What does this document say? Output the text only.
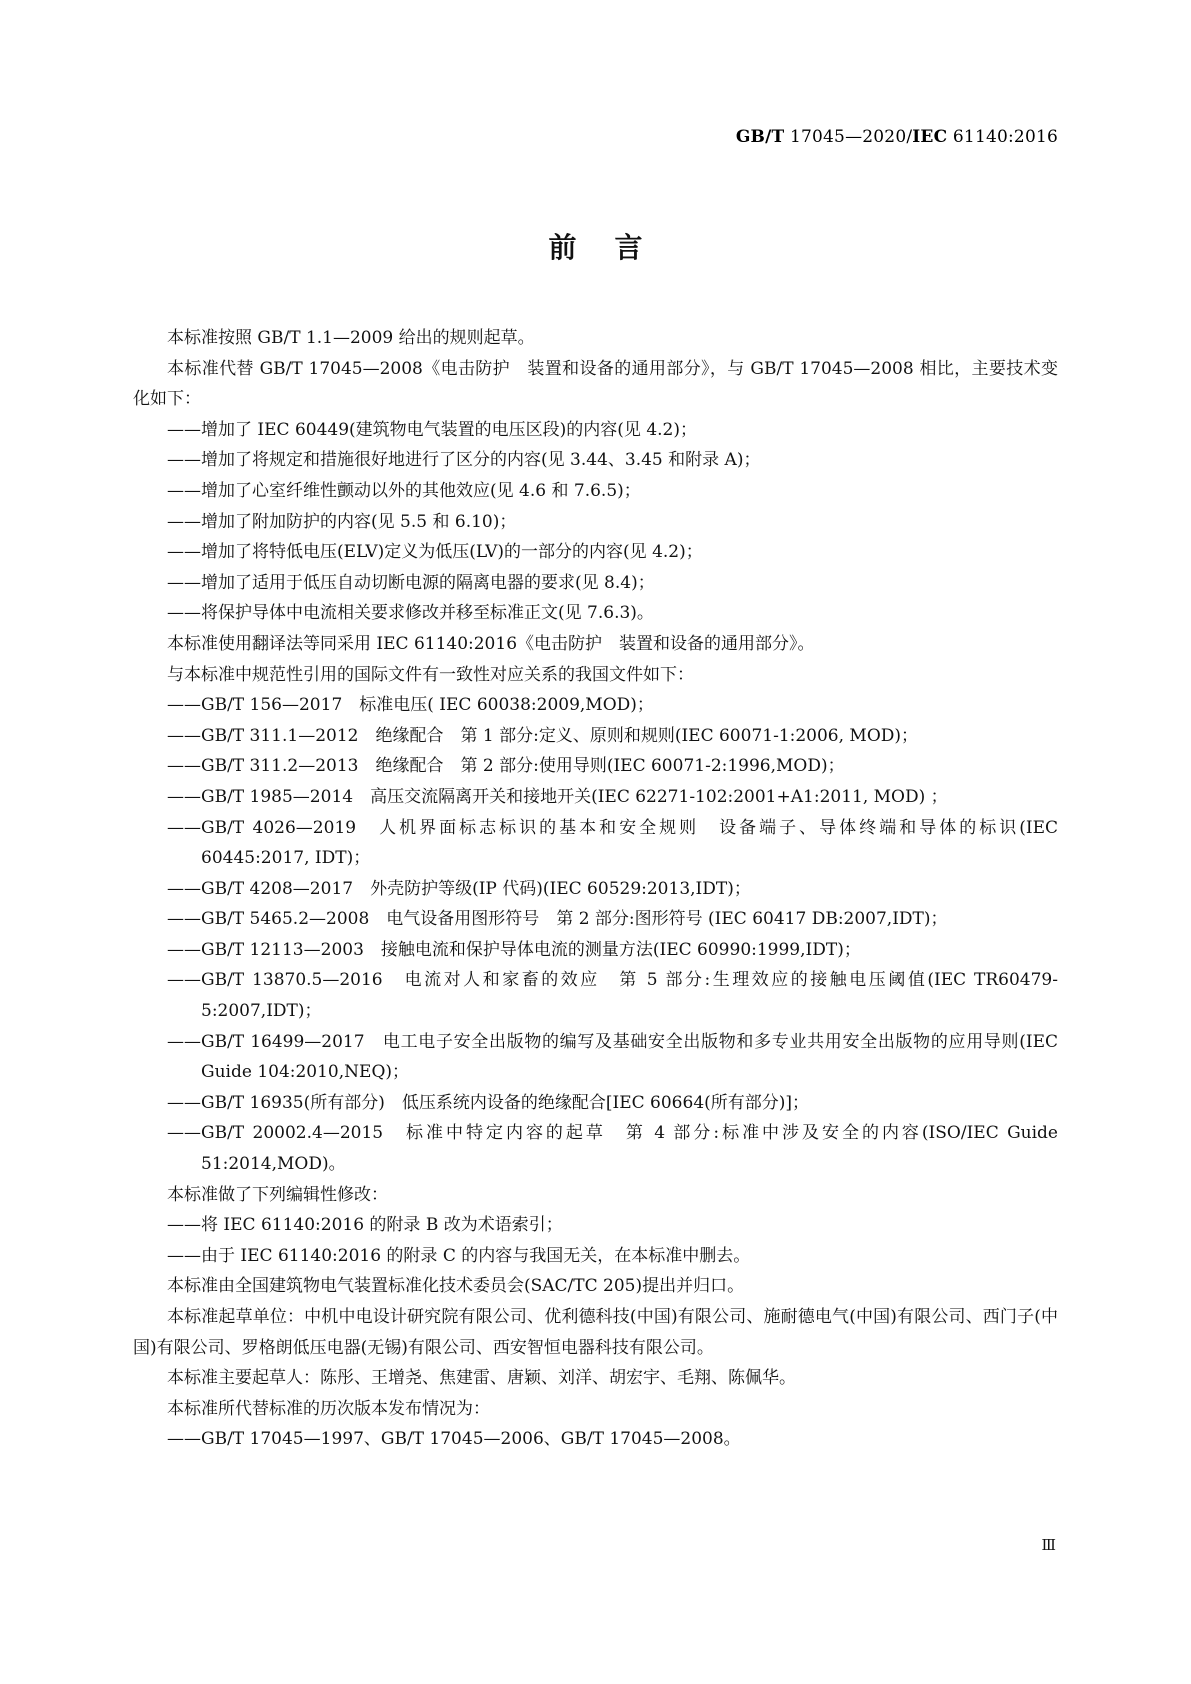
GB/T 17045—2020/IEC 61140:2016
前言

本标准按照 GB/T 1.1—2009 给出的规则起草。

本标准代替 GB/T 17045—2008《电击防护　装置和设备的通用部分》，与 GB/T 17045—2008 相比，主要技术变化如下：

——增加了 IEC 60449(建筑物电气装置的电压区段)的内容(见 4.2)；

——增加了将规定和措施很好地进行了区分的内容(见 3.44、3.45 和附录 A)；

——增加了心室纤维性颤动以外的其他效应(见 4.6 和 7.6.5)；

——增加了附加防护的内容(见 5.5 和 6.10)；

——增加了将特低电压(ELV)定义为低压(LV)的一部分的内容(见 4.2)；

——增加了适用于低压自动切断电源的隔离电器的要求(见 8.4)；

——将保护导体中电流相关要求修改并移至标准正文(见 7.6.3)。

本标准使用翻译法等同采用 IEC 61140:2016《电击防护　装置和设备的通用部分》。

与本标准中规范性引用的国际文件有一致性对应关系的我国文件如下：

——GB/T 156—2017　标准电压( IEC 60038:2009,MOD)；

——GB/T 311.1—2012　绝缘配合　第 1 部分:定义、原则和规则(IEC 60071-1:2006, MOD)；

——GB/T 311.2—2013　绝缘配合　第 2 部分:使用导则(IEC 60071-2:1996,MOD)；

——GB/T 1985—2014　高压交流隔离开关和接地开关(IEC 62271-102:2001+A1:2011, MOD) ；

——GB/T 4026—2019　人机界面标志标识的基本和安全规则　设备端子、导体终端和导体的标识(IEC 60445:2017, IDT)；

——GB/T 4208—2017　外壳防护等级(IP 代码)(IEC 60529:2013,IDT)；

——GB/T 5465.2—2008　电气设备用图形符号　第 2 部分:图形符号 (IEC 60417 DB:2007,IDT)；

——GB/T 12113—2003　接触电流和保护导体电流的测量方法(IEC 60990:1999,IDT)；

——GB/T 13870.5—2016　电流对人和家畜的效应　第 5 部分:生理效应的接触电压阈值(IEC TR60479-5:2007,IDT)；

——GB/T 16499—2017　电工电子安全出版物的编写及基础安全出版物和多专业共用安全出版物的应用导则(IEC Guide 104:2010,NEQ)；

——GB/T 16935(所有部分)　低压系统内设备的绝缘配合[IEC 60664(所有部分)]；

——GB/T 20002.4—2015　标准中特定内容的起草　第 4 部分:标准中涉及安全的内容(ISO/IEC Guide 51:2014,MOD)。

本标准做了下列编辑性修改：

——将 IEC 61140:2016 的附录 B 改为术语索引；

——由于 IEC 61140:2016 的附录 C 的内容与我国无关，在本标准中删去。

本标准由全国建筑物电气装置标准化技术委员会(SAC/TC 205)提出并归口。

本标准起草单位：中机中电设计研究院有限公司、优利德科技(中国)有限公司、施耐德电气(中国)有限公司、西门子(中国)有限公司、罗格朗低压电器(无锡)有限公司、西安智恒电器科技有限公司。

本标准主要起草人：陈彤、王增尧、焦建雷、唐颖、刘洋、胡宏宇、毛翔、陈佩华。

本标准所代替标准的历次版本发布情况为：

——GB/T 17045—1997、GB/T 17045—2006、GB/T 17045—2008。

Ⅲ
